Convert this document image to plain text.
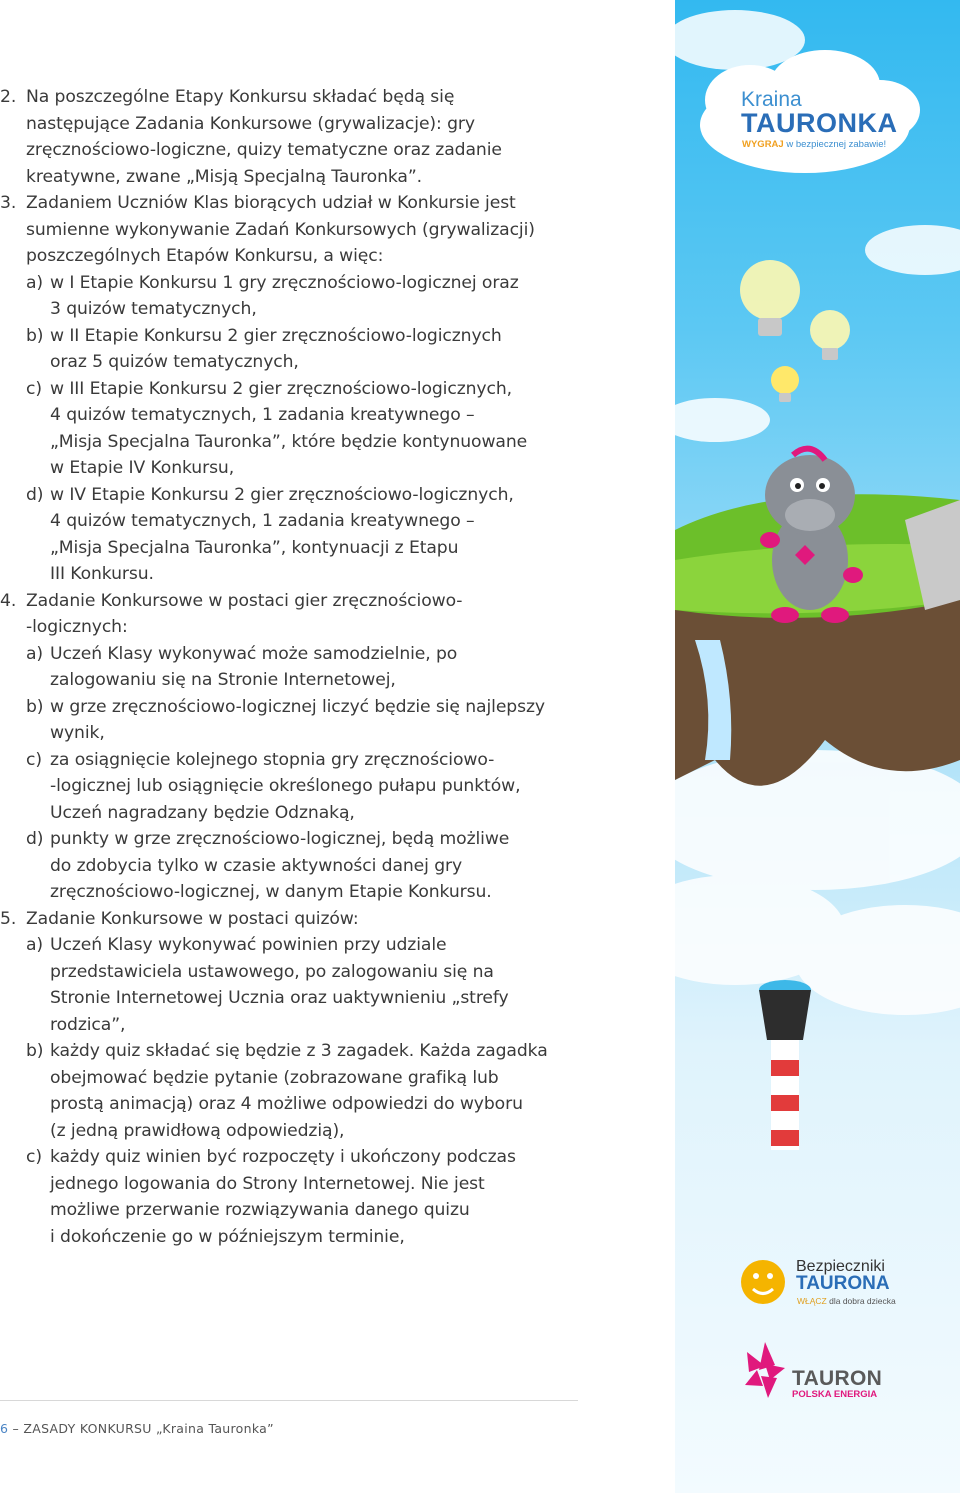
2. Na poszczególne Etapy Konkursu składać będą się
następujące Zadania Konkursowe (grywalizacje): gry
zręcznościowo-logiczne, quizy tematyczne oraz zadanie
kreatywne, zwane „Misją Specjalną Tauronka”.
3. Zadaniem Uczniów Klas biorących udział w Konkursie jest
sumienne wykonywanie Zadań Konkursowych (grywalizacji)
poszczególnych Etapów Konkursu, a więc:
a) w I Etapie Konkursu 1 gry zręcznościowo-logicznej oraz
3 quizów tematycznych,
b) w II Etapie Konkursu 2 gier zręcznościowo-logicznych
oraz 5 quizów tematycznych,
c) w III Etapie Konkursu 2 gier zręcznościowo-logicznych,
4 quizów tematycznych, 1 zadania kreatywnego –
„Misja Specjalna Tauronka”, które będzie kontynuowane
w Etapie IV Konkursu,
d) w IV Etapie Konkursu 2 gier zręcznościowo-logicznych,
4 quizów tematycznych, 1 zadania kreatywnego –
„Misja Specjalna Tauronka”, kontynuacji z Etapu
III Konkursu.
4. Zadanie Konkursowe w postaci gier zręcznościowo-
-logicznych:
a) Uczeń Klasy wykonywać może samodzielnie, po
zalogowaniu się na Stronie Internetowej,
b) w grze zręcznościowo-logicznej liczyć będzie się najlepszy
wynik,
c) za osiągnięcie kolejnego stopnia gry zręcznościowo-
-logicznej lub osiągnięcie określonego pułapu punktów,
Uczeń nagradzany będzie Odznaką,
d) punkty w grze zręcznościowo-logicznej, będą możliwe
do zdobycia tylko w czasie aktywności danej gry
zręcznościowo-logicznej, w danym Etapie Konkursu.
5. Zadanie Konkursowe w postaci quizów:
a) Uczeń Klasy wykonywać powinien przy udziale
przedstawiciela ustawowego, po zalogowaniu się na
Stronie Internetowej Ucznia oraz uaktywnieniu „strefy
rodzica”,
b) każdy quiz składać się będzie z 3 zagadek. Każda zagadka
obejmować będzie pytanie (zobrazowane grafiką lub
prostą animacją) oraz 4 możliwe odpowiedzi do wyboru
(z jedną prawidłową odpowiedzią),
c) każdy quiz winien być rozpoczęty i ukończony podczas
jednego logowania do Strony Internetowej. Nie jest
możliwe przerwanie rozwiązywania danego quizu
i dokończenie go w późniejszym terminie,
6 – ZASADY KONKURSU „Kraina Tauronka”
Kraina
TAURONKA
WYGRAJ w bezpiecznej zabawie!
Bezpieczniki
TAURONA
WŁĄCZ dla dobra dziecka
TAURON
POLSKA ENERGIA
